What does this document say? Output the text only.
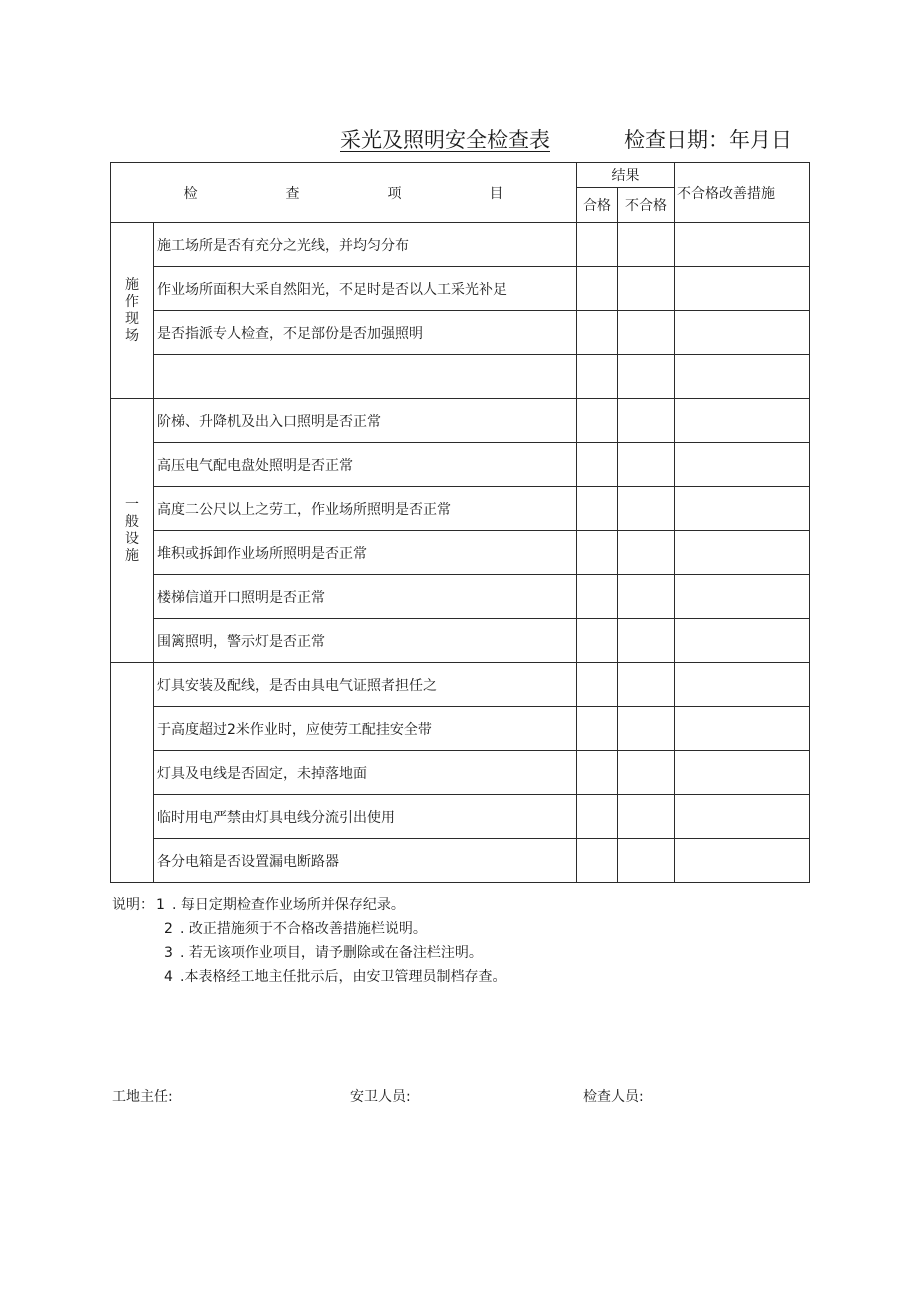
采光及照明安全检查表	检查日期：年月日
检 查 项 目		结果		不合格改善措施
		合格	不合格	
施作现场	施工场所是否有充分之光线，并均匀分布			
	作业场所面积大采自然阳光，不足时是否以人工采光补足			
	是否指派专人检查，不足部份是否加强照明			

一般设施	阶梯、升降机及出入口照明是否正常			
	高压电气配电盘处照明是否正常			
	高度二公尺以上之劳工，作业场所照明是否正常			
	堆积或拆卸作业场所照明是否正常			
	楼梯信道开口照明是否正常			
	围篱照明，警示灯是否正常			
	灯具安装及配线，是否由具电气证照者担任之			
	于高度超过2米作业时，应使劳工配挂安全带			
	灯具及电线是否固定，未掉落地面			
	临时用电严禁由灯具电线分流引出使用			
	各分电箱是否设置漏电断路器			
说明： 1 . 每日定期检查作业场所并保存纪录。
2 . 改正措施须于不合格改善措施栏说明。
3 . 若无该项作业项目，请予删除或在备注栏注明。
4 .本表格经工地主任批示后，由安卫管理员制档存查。
工地主任:	安卫人员:	检查人员:
